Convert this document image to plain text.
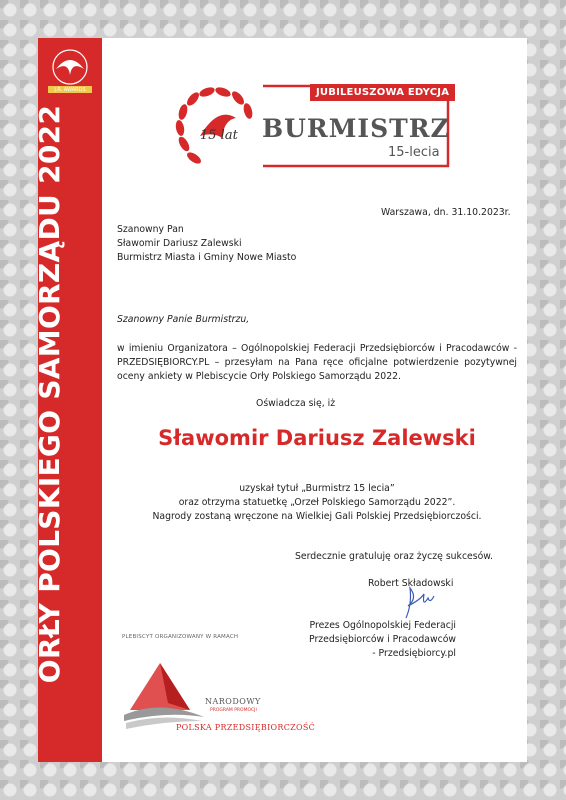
J.R. AWARDS
ORŁY POLSKIEGO SAMORZĄDU 2022	15 lat
JUBILEUSZOWA EDYCJA
BURMISTRZ
15-lecia
Warszawa, dn. 31.10.2023r.
Szanowny Pan
Sławomir Dariusz Zalewski
Burmistrz Miasta i Gminy Nowe Miasto
Szanowny Panie Burmistrzu,
w imieniu Organizatora – Ogólnopolskiej Federacji Przedsiębiorców i Pracodawców - PRZEDSIĘBIORCY.PL – przesyłam na Pana ręce oficjalne potwierdzenie pozytywnej oceny ankiety w Plebiscycie Orły Polskiego Samorządu 2022.
Oświadcza się, iż
Sławomir Dariusz Zalewski
uzyskał tytuł „Burmistrz 15 lecia”
oraz otrzyma statuetkę „Orzeł Polskiego Samorządu 2022”.
Nagrody zostaną wręczone na Wielkiej Gali Polskiej Przedsiębiorczości.
Serdecznie gratuluję oraz życzę sukcesów.
Robert Składowski
Prezes Ogólnopolskiej Federacji
Przedsiębiorców i Pracodawców
- Przedsiębiorcy.pl
PLEBISCYT ORGANIZOWANY W RAMACH
NARODOWY
PROGRAM PROMOCJI
POLSKA PRZEDSIĘBIORCZOŚĆ
